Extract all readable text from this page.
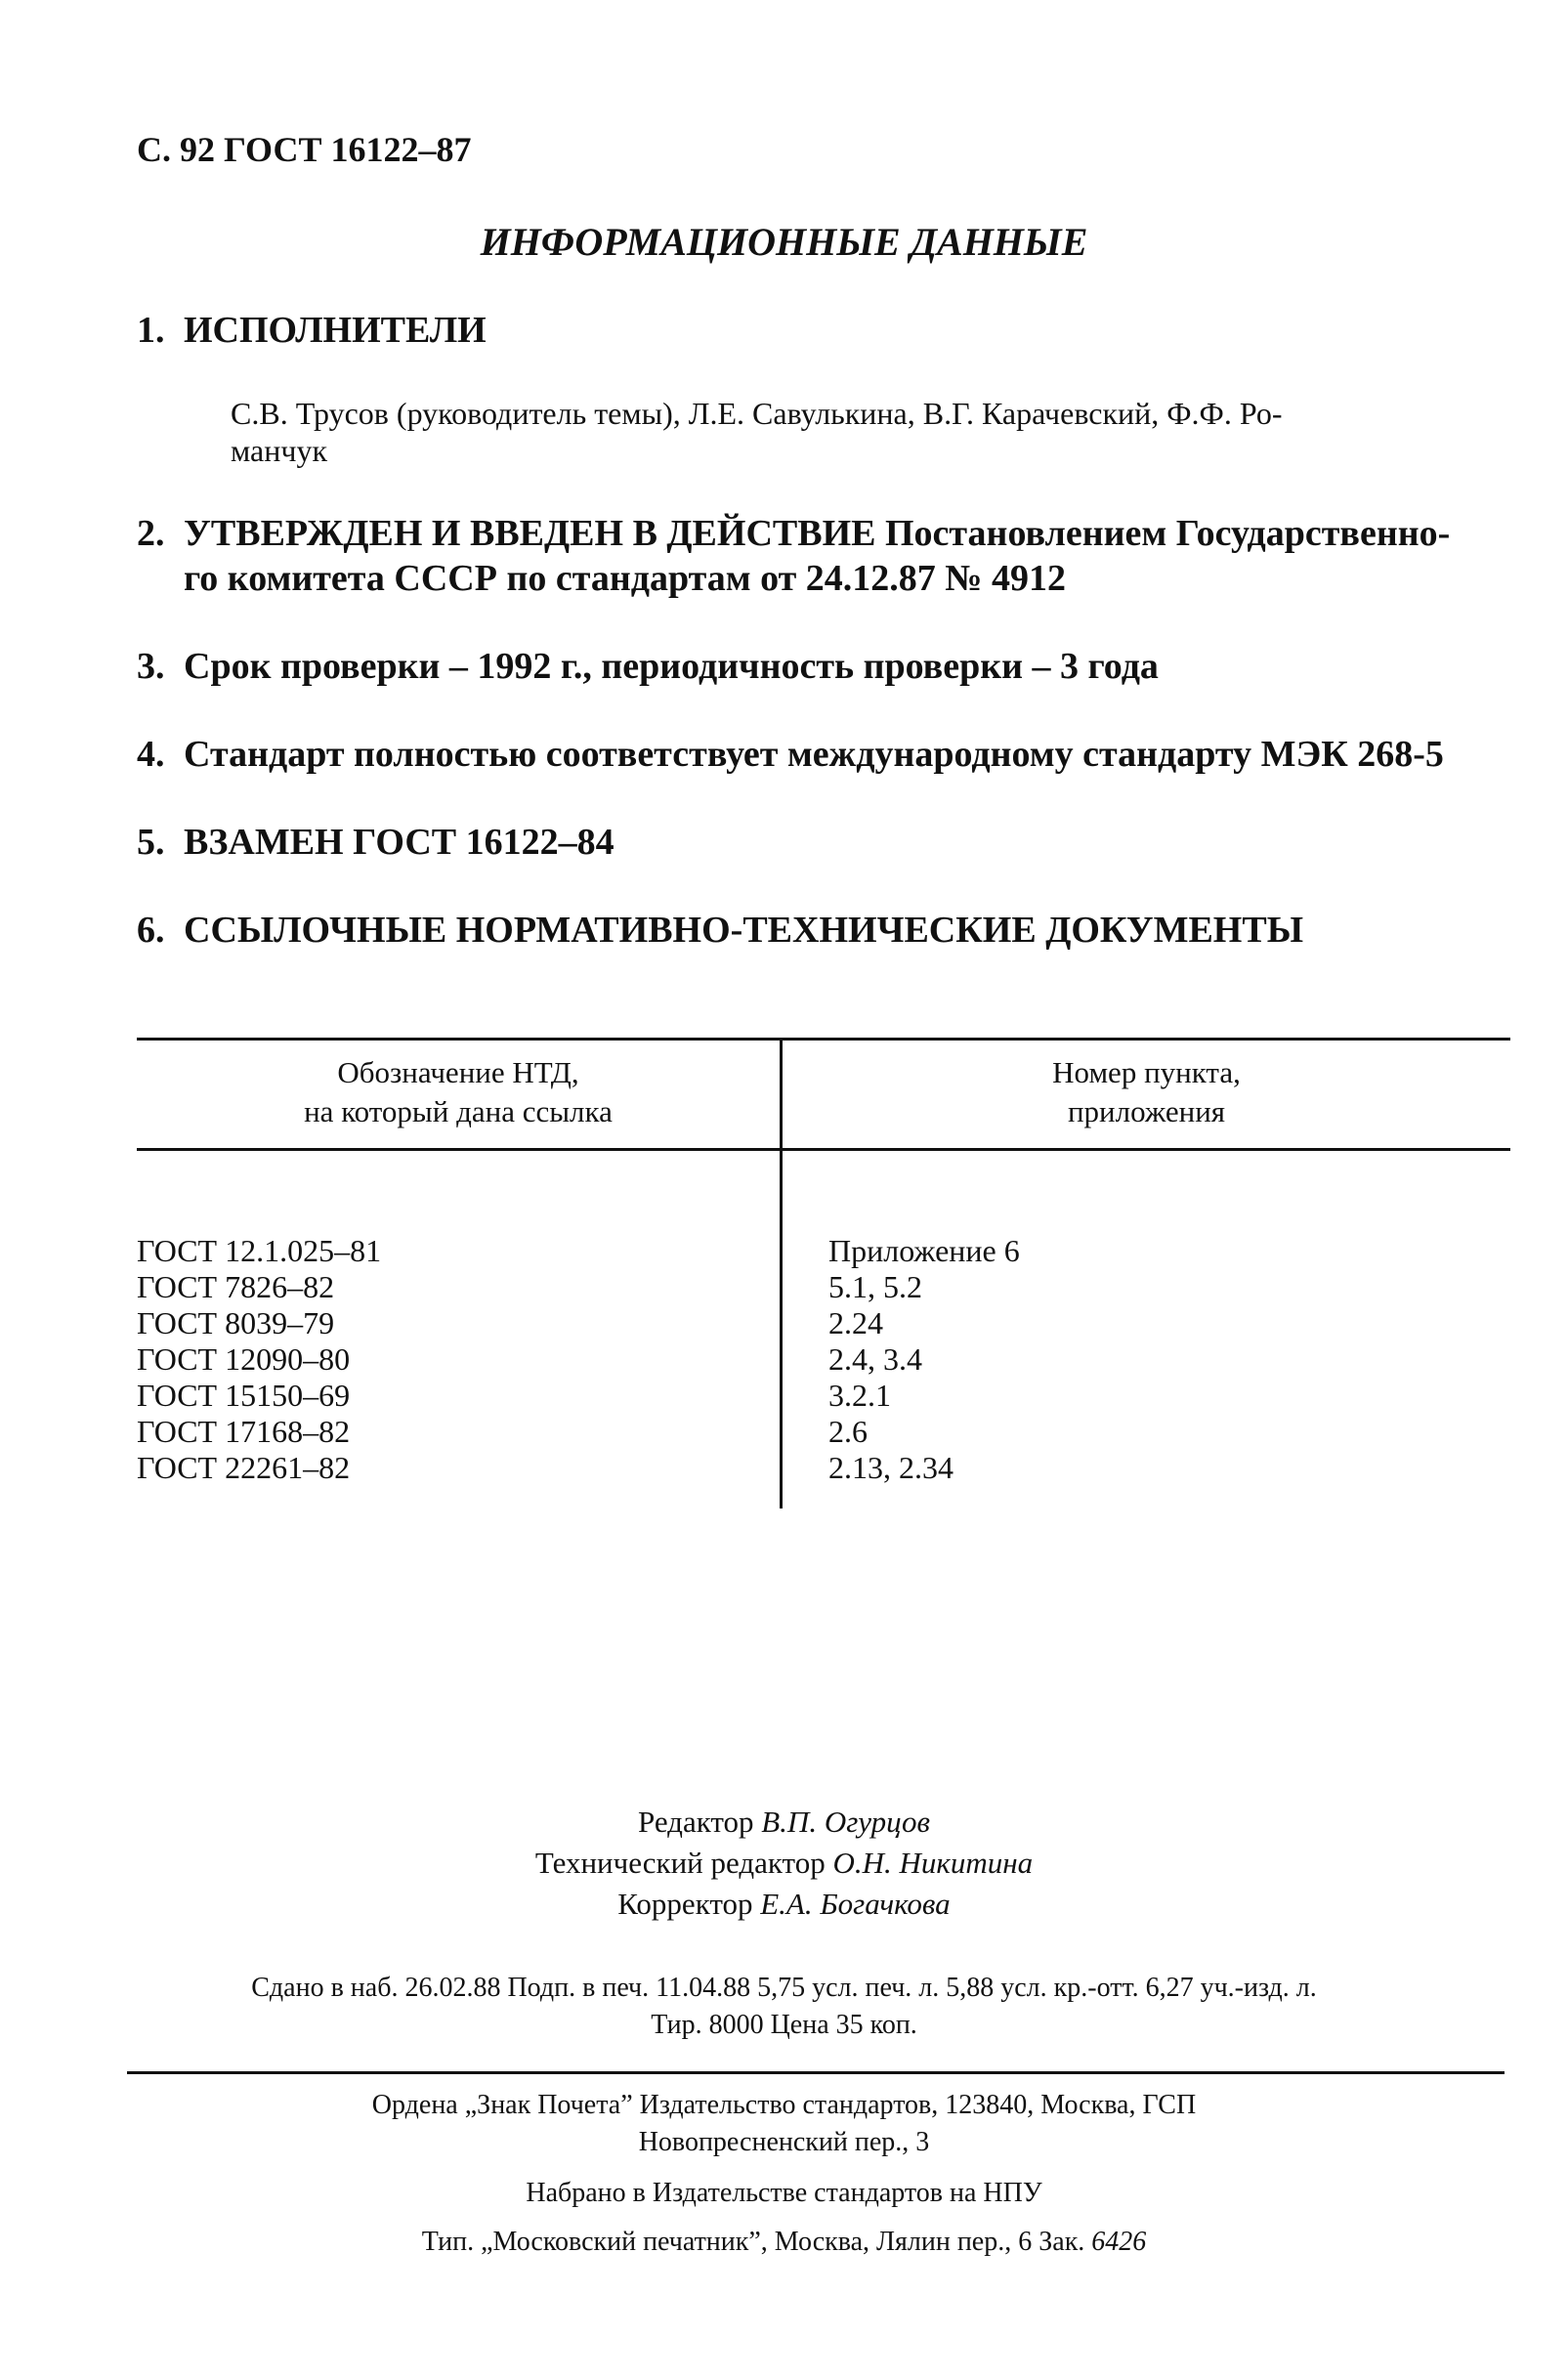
С. 92 ГОСТ 16122–87
ИНФОРМАЦИОННЫЕ ДАННЫЕ
1. ИСПОЛНИТЕЛИ
С.В. Трусов (руководитель темы), Л.Е. Савулькина, В.Г. Карачевский, Ф.Ф. Ро-
манчук
2. УТВЕРЖДЕН И ВВЕДЕН В ДЕЙСТВИЕ Постановлением Государственно-
го комитета СССР по стандартам от 24.12.87 № 4912
3. Срок проверки – 1992 г., периодичность проверки – 3 года
4. Стандарт полностью соответствует международному стандарту МЭК 268-5
5. ВЗАМЕН ГОСТ 16122–84
6. ССЫЛОЧНЫЕ НОРМАТИВНО-ТЕХНИЧЕСКИЕ ДОКУМЕНТЫ
Обозначение НТД,
на который дана ссылка
Номер пункта,
приложения
ГОСТ 12.1.025–81
ГОСТ 7826–82
ГОСТ 8039–79
ГОСТ 12090–80
ГОСТ 15150–69
ГОСТ 17168–82
ГОСТ 22261–82
Приложение 6
5.1, 5.2
2.24
2.4, 3.4
3.2.1
2.6
2.13, 2.34
Редактор В.П. Огурцов
Технический редактор О.Н. Никитина
Корректор Е.А. Богачкова
Сдано в наб. 26.02.88 Подп. в печ. 11.04.88 5,75 усл. печ. л. 5,88 усл. кр.-отт. 6,27 уч.-изд. л.
Тир. 8000 Цена 35 коп.
Ордена „Знак Почета” Издательство стандартов, 123840, Москва, ГСП
Новопресненский пер., 3
Набрано в Издательстве стандартов на НПУ
Тип. „Московский печатник”, Москва, Лялин пер., 6 Зак. 6426
